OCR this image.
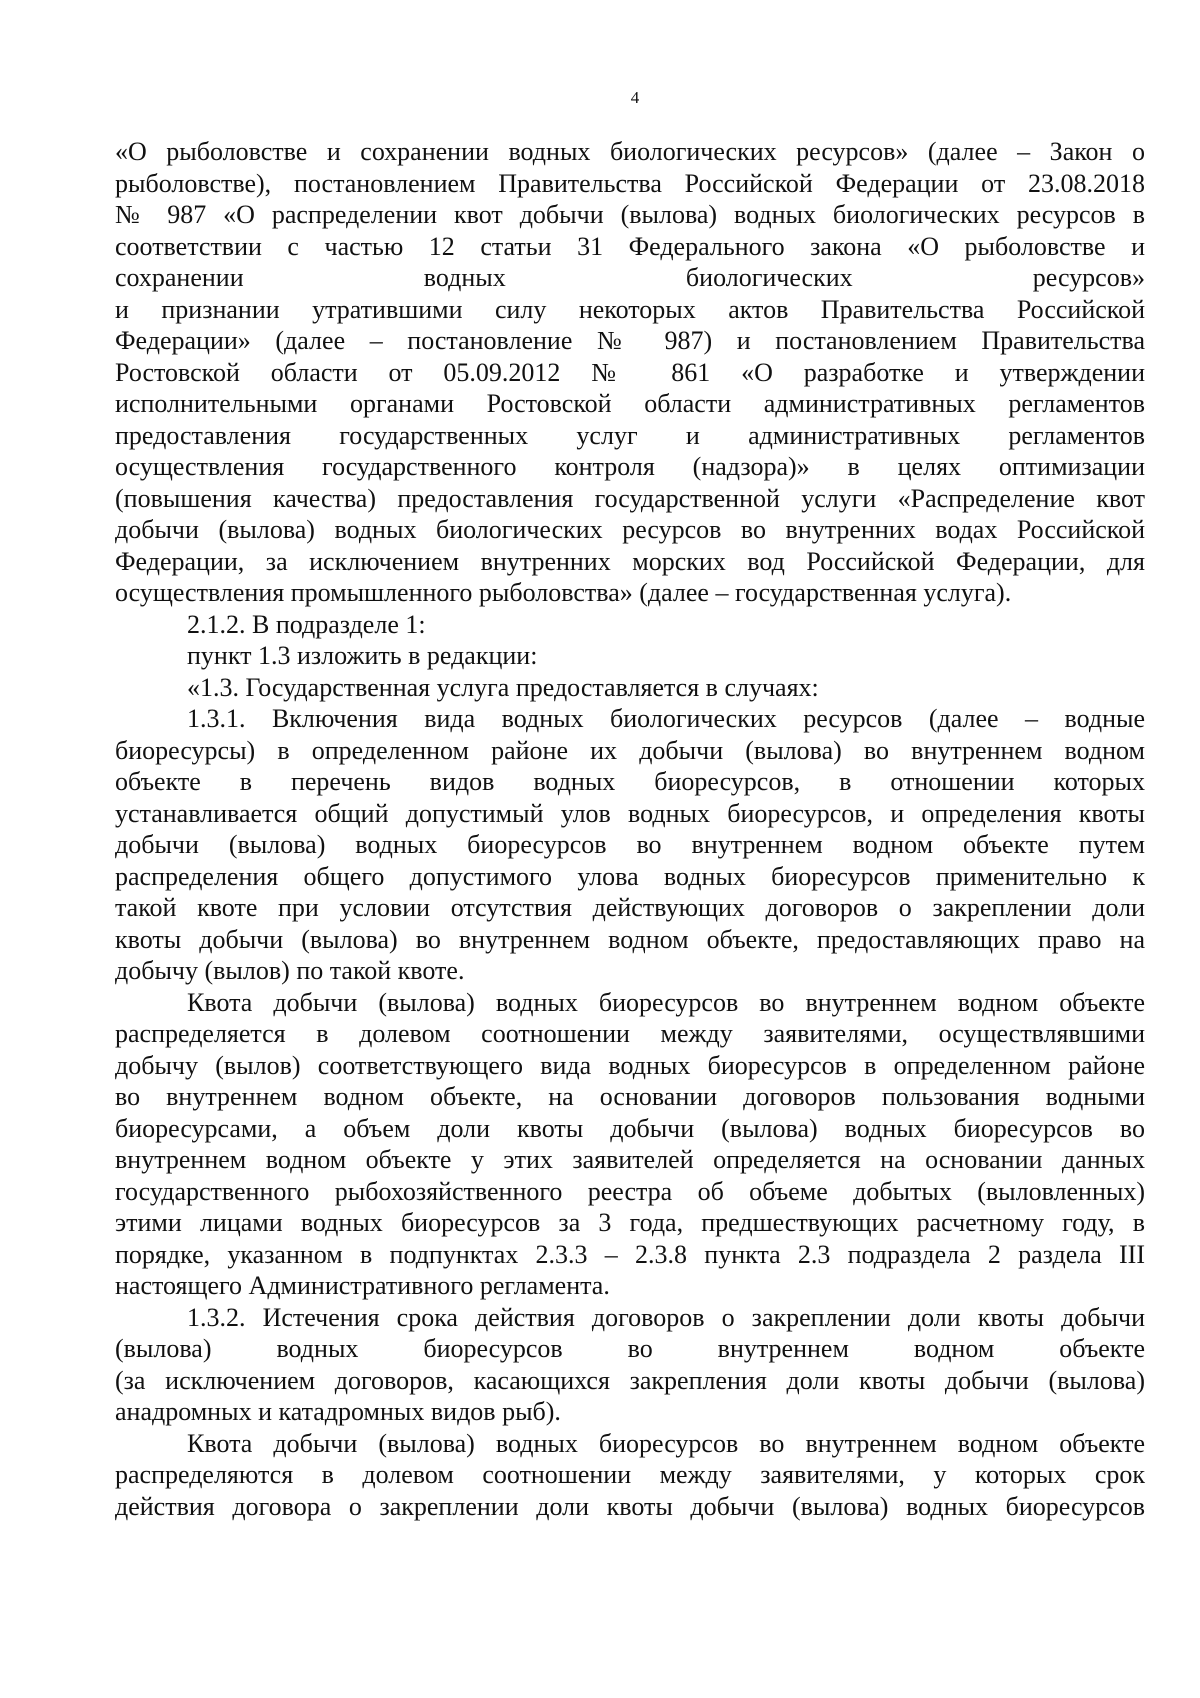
4
«О рыболовстве и сохранении водных биологических ресурсов» (далее – Закон о
рыболовстве), постановлением Правительства Российской Федерации от 23.08.2018
№ 987 «О распределении квот добычи (вылова) водных биологических ресурсов в
соответствии с частью 12 статьи 31 Федерального закона «О рыболовстве и
сохранении водных биологических ресурсов»
и признании утратившими силу некоторых актов Правительства Российской
Федерации» (далее – постановление № 987) и постановлением Правительства
Ростовской области от 05.09.2012 № 861 «О разработке и утверждении
исполнительными органами Ростовской области административных регламентов
предоставления государственных услуг и административных регламентов
осуществления государственного контроля (надзора)» в целях оптимизации
(повышения качества) предоставления государственной услуги «Распределение квот
добычи (вылова) водных биологических ресурсов во внутренних водах Российской
Федерации, за исключением внутренних морских вод Российской Федерации, для
осуществления промышленного рыболовства» (далее – государственная услуга).
2.1.2. В подразделе 1:
пункт 1.3 изложить в редакции:
«1.3. Государственная услуга предоставляется в случаях:
1.3.1. Включения вида водных биологических ресурсов (далее – водные
биоресурсы) в определенном районе их добычи (вылова) во внутреннем водном
объекте в перечень видов водных биоресурсов, в отношении которых
устанавливается общий допустимый улов водных биоресурсов, и определения квоты
добычи (вылова) водных биоресурсов во внутреннем водном объекте путем
распределения общего допустимого улова водных биоресурсов применительно к
такой квоте при условии отсутствия действующих договоров о закреплении доли
квоты добычи (вылова) во внутреннем водном объекте, предоставляющих право на
добычу (вылов) по такой квоте.
Квота добычи (вылова) водных биоресурсов во внутреннем водном объекте
распределяется в долевом соотношении между заявителями, осуществлявшими
добычу (вылов) соответствующего вида водных биоресурсов в определенном районе
во внутреннем водном объекте, на основании договоров пользования водными
биоресурсами, а объем доли квоты добычи (вылова) водных биоресурсов во
внутреннем водном объекте у этих заявителей определяется на основании данных
государственного рыбохозяйственного реестра об объеме добытых (выловленных)
этими лицами водных биоресурсов за 3 года, предшествующих расчетному году, в
порядке, указанном в подпунктах 2.3.3 – 2.3.8 пункта 2.3 подраздела 2 раздела III
настоящего Административного регламента.
1.3.2. Истечения срока действия договоров о закреплении доли квоты добычи
(вылова) водных биоресурсов во внутреннем водном объекте
(за исключением договоров, касающихся закрепления доли квоты добычи (вылова)
анадромных и катадромных видов рыб).
Квота добычи (вылова) водных биоресурсов во внутреннем водном объекте
распределяются в долевом соотношении между заявителями, у которых срок
действия договора о закреплении доли квоты добычи (вылова) водных биоресурсов
